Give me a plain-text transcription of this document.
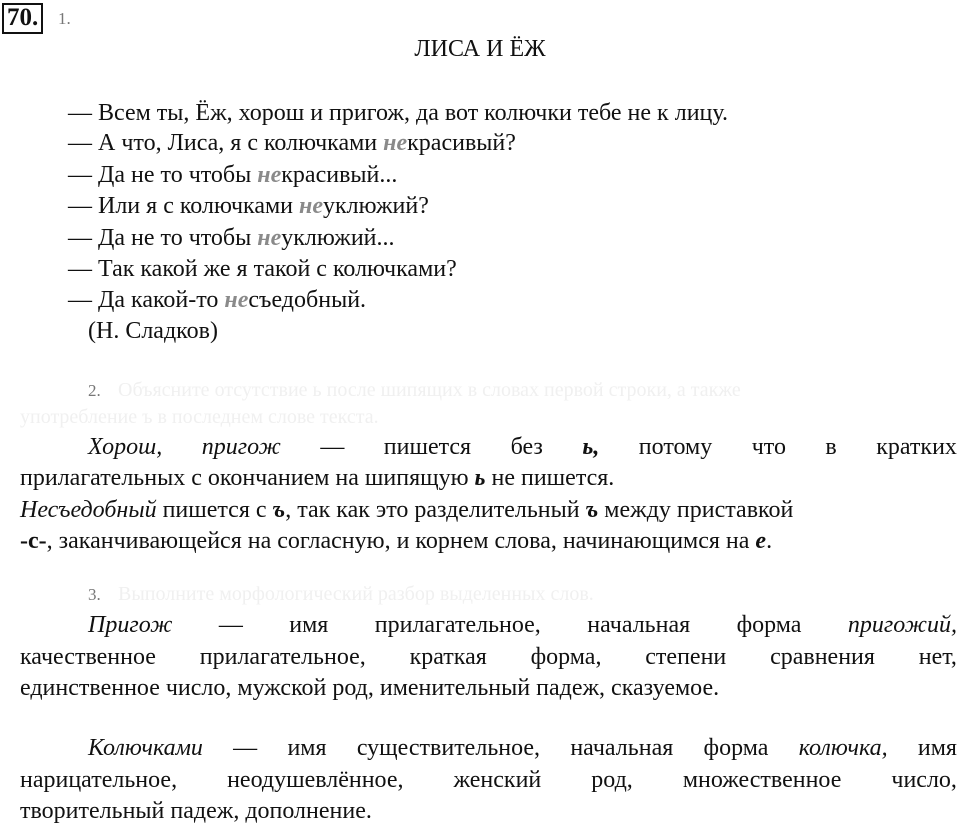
70. 1.
ЛИСА И ЁЖ
— Всем ты, Ёж, хорош и пригож, да вот колючки тебе не к лицу.
— А что, Лиса, я с колючками некрасивый?
— Да не то чтобы некрасивый...
— Или я с колючками неуклюжий?
— Да не то чтобы неуклюжий...
— Так какой же я такой с колючками?
— Да какой-то несъедобный.
(Н. Сладков)
2. Объясните отсутствие ь после шипящих в словах первой строки, а также
употребление ъ в последнем слове текста.
Хорош, пригож — пишется без ь, потому что в кратких
прилагательных с окончанием на шипящую ь не пишется.
Несъедобный пишется с ъ, так как это разделительный ъ между приставкой
-с-, заканчивающейся на согласную, и корнем слова, начинающимся на е.
3. Выполните морфологический разбор выделенных слов.
Пригож — имя прилагательное, начальная форма пригожий,
качественное прилагательное, краткая форма, степени сравнения нет,
единственное число, мужской род, именительный падеж, сказуемое.
Колючками — имя существительное, начальная форма колючка, имя
нарицательное, неодушевлённое, женский род, множественное число,
творительный падеж, дополнение.
